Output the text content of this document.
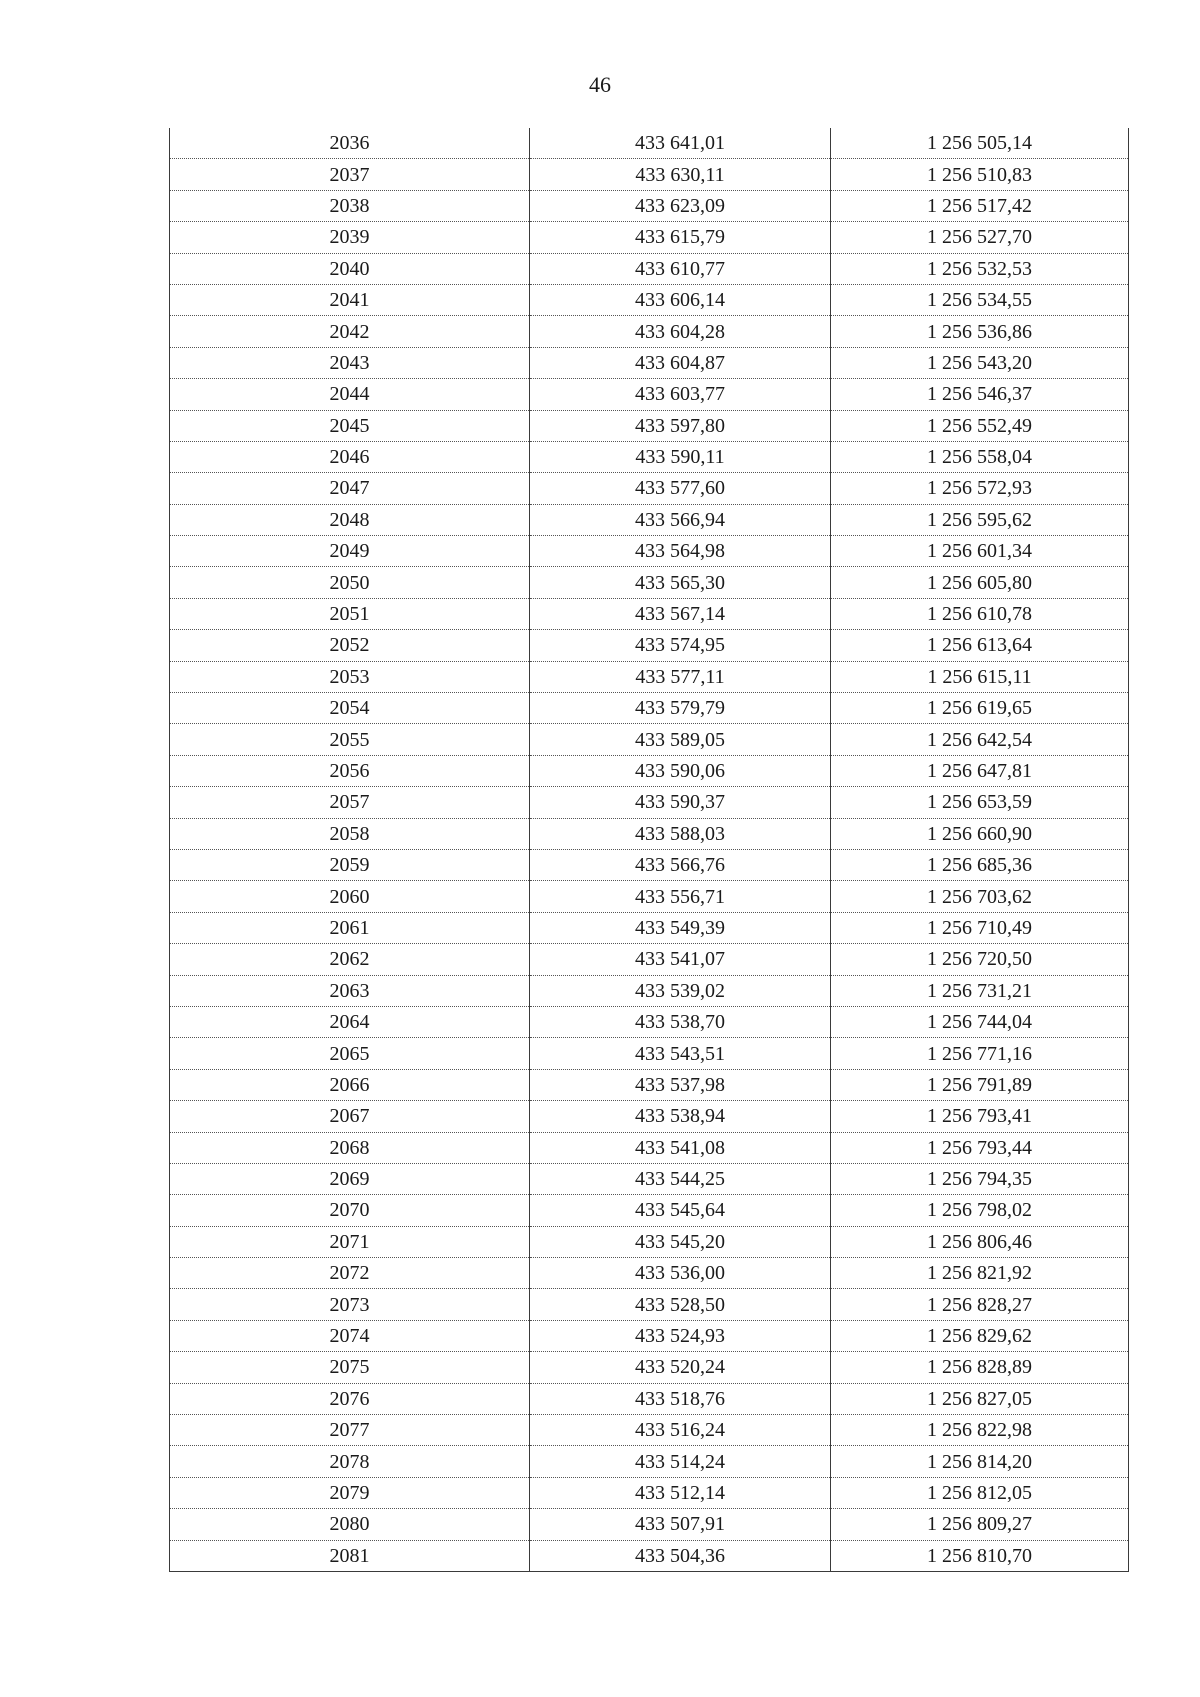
46
2036	433 641,01	1 256 505,14
2037	433 630,11	1 256 510,83
2038	433 623,09	1 256 517,42
2039	433 615,79	1 256 527,70
2040	433 610,77	1 256 532,53
2041	433 606,14	1 256 534,55
2042	433 604,28	1 256 536,86
2043	433 604,87	1 256 543,20
2044	433 603,77	1 256 546,37
2045	433 597,80	1 256 552,49
2046	433 590,11	1 256 558,04
2047	433 577,60	1 256 572,93
2048	433 566,94	1 256 595,62
2049	433 564,98	1 256 601,34
2050	433 565,30	1 256 605,80
2051	433 567,14	1 256 610,78
2052	433 574,95	1 256 613,64
2053	433 577,11	1 256 615,11
2054	433 579,79	1 256 619,65
2055	433 589,05	1 256 642,54
2056	433 590,06	1 256 647,81
2057	433 590,37	1 256 653,59
2058	433 588,03	1 256 660,90
2059	433 566,76	1 256 685,36
2060	433 556,71	1 256 703,62
2061	433 549,39	1 256 710,49
2062	433 541,07	1 256 720,50
2063	433 539,02	1 256 731,21
2064	433 538,70	1 256 744,04
2065	433 543,51	1 256 771,16
2066	433 537,98	1 256 791,89
2067	433 538,94	1 256 793,41
2068	433 541,08	1 256 793,44
2069	433 544,25	1 256 794,35
2070	433 545,64	1 256 798,02
2071	433 545,20	1 256 806,46
2072	433 536,00	1 256 821,92
2073	433 528,50	1 256 828,27
2074	433 524,93	1 256 829,62
2075	433 520,24	1 256 828,89
2076	433 518,76	1 256 827,05
2077	433 516,24	1 256 822,98
2078	433 514,24	1 256 814,20
2079	433 512,14	1 256 812,05
2080	433 507,91	1 256 809,27
2081	433 504,36	1 256 810,70
